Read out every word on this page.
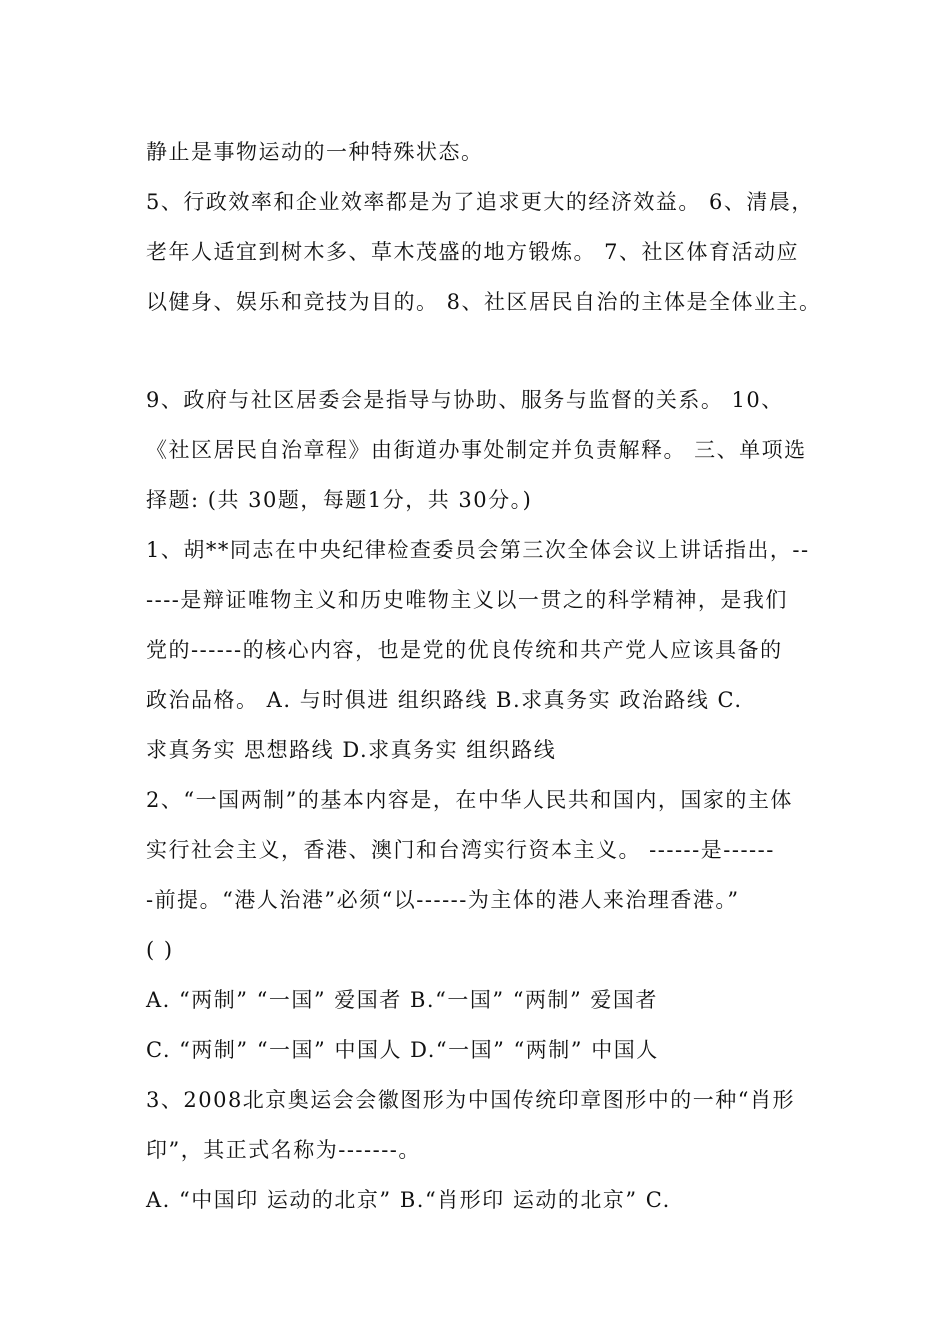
静止是事物运动的一种特殊状态。
5、行政效率和企业效率都是为了追求更大的经济效益。 6、清晨，
老年人适宜到树木多、草木茂盛的地方锻炼。 7、社区体育活动应
以健身、娱乐和竞技为目的。 8、社区居民自治的主体是全体业主。
9、政府与社区居委会是指导与协助、服务与监督的关系。 10、
《社区居民自治章程》由街道办事处制定并负责解释。 三、单项选
择题: (共 30题，每题1分，共 30分。)
1、胡**同志在中央纪律检查委员会第三次全体会议上讲话指出，--
----是辩证唯物主义和历史唯物主义以一贯之的科学精神，是我们
党的------的核心内容，也是党的优良传统和共产党人应该具备的
政治品格。 A. 与时俱进 组织路线 B.求真务实 政治路线 C.
求真务实 思想路线 D.求真务实 组织路线
2、“一国两制”的基本内容是，在中华人民共和国内，国家的主体
实行社会主义，香港、澳门和台湾实行资本主义。 ------是------
-前提。“港人治港”必须“以------为主体的港人来治理香港。”
( )
A. “两制” “一国” 爱国者 B.“一国” “两制” 爱国者
C. “两制” “一国” 中国人 D.“一国” “两制” 中国人
3、2008北京奥运会会徽图形为中国传统印章图形中的一种“肖形
印”，其正式名称为-------。
A. “中国印 运动的北京” B.“肖形印 运动的北京” C.
